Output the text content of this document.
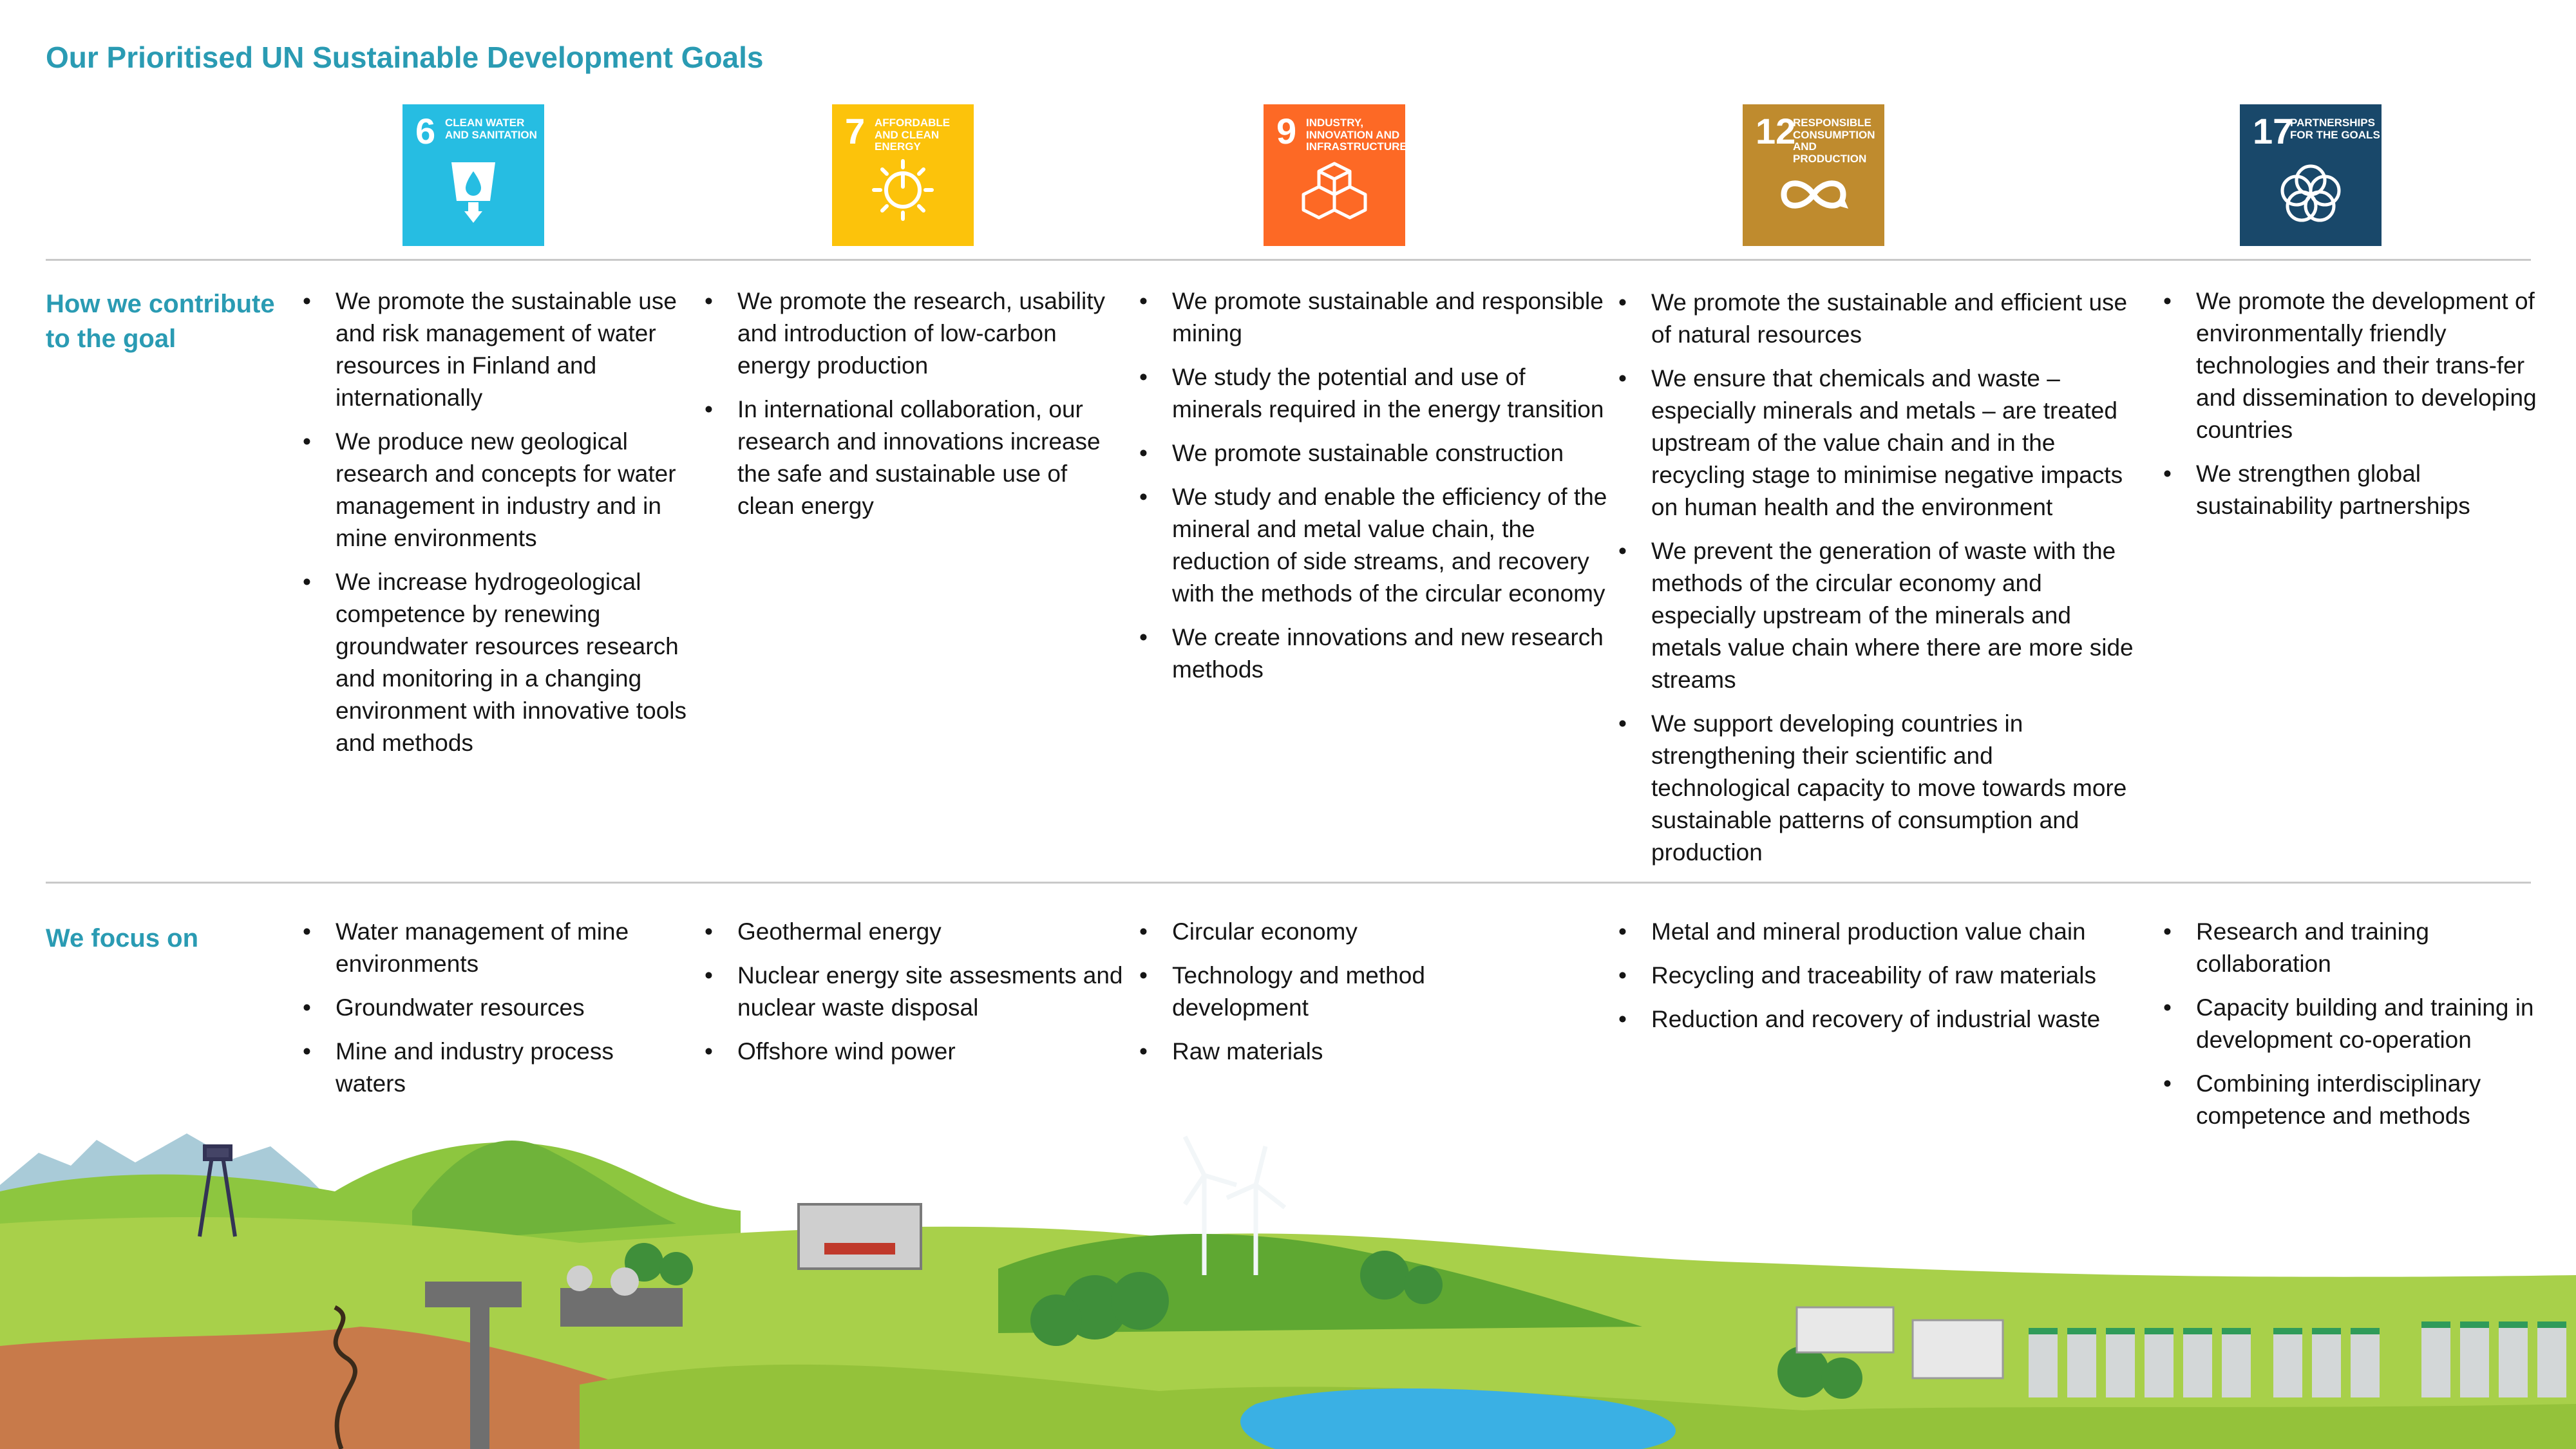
Our Prioritised UN Sustainable Development Goals
6 CLEAN WATER AND SANITATION	7 AFFORDABLE AND CLEAN ENERGY	9 INDUSTRY, INNOVATION AND INFRASTRUCTURE	12
RESPONSIBLE CONSUMPTION AND PRODUCTION
17
PARTNERSHIPS FOR THE GOALS
How we contribute to the goal
• We promote the sustainable use and risk management of water resources in Finland and internationally
• We produce new geological research and concepts for water management in industry and in mine environments
• We increase hydrogeological competence by renewing groundwater resources research and monitoring in a changing environment with innovative tools and methods
• We promote the research, usability and introduction of low-carbon energy production
• In international collaboration, our research and innovations increase the safe and sustainable use of clean energy
• We promote sustainable and responsible mining
• We study the potential and use of minerals required in the energy transition
• We promote sustainable construction
• We study and enable the efficiency of the mineral and metal value chain, the reduction of side streams, and recovery with the methods of the circular economy
• We create innovations and new research methods
• We promote the sustainable and efficient use of natural resources
• We ensure that chemicals and waste – especially minerals and metals – are treated upstream of the value chain and in the recycling stage to minimise negative impacts on human health and the environment
• We prevent the generation of waste with the methods of the circular economy and especially upstream of the minerals and metals value chain where there are more side streams
• We support developing countries in strengthening their scientific and technological capacity to move towards more sustainable patterns of consumption and production
• We promote the development of environmentally friendly technologies and their trans-fer and dissemination to developing countries
• We strengthen global sustainability partnerships
We focus on
•	Water management of mine environments
• Groundwater resources
• Mine and industry process waters
• Geothermal energy
• Nuclear energy site assesments and nuclear waste disposal
• Offshore wind power
• Circular economy
• Technology and method development
• Raw materials
• Metal and mineral production value chain
• Recycling and traceability of raw materials
• Reduction and recovery of industrial waste
• Research and training collaboration
• Capacity building and training in development co-operation
• Combining interdisciplinary competence and methods
